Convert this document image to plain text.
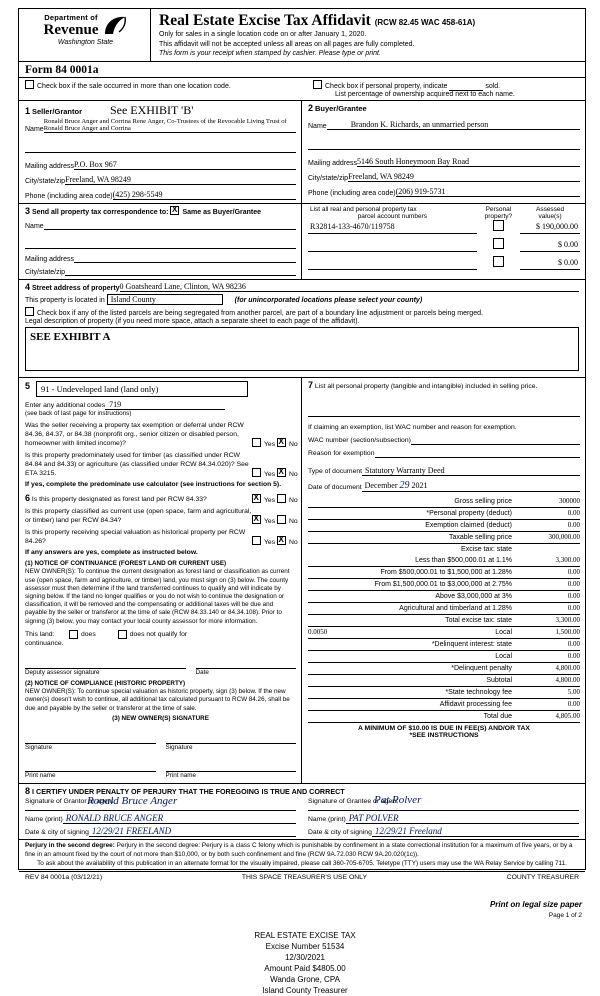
Department of
Revenue
Washington State
Real Estate Excise Tax Affidavit (RCW 82.45 WAC 458-61A)
Only for sales in a single location code on or after January 1, 2020.
This affidavit will not be accepted unless all areas on all pages are fully completed.
This form is your receipt when stamped by cashier. Please type or print.
Form 84 0001a
Check box if the sale occurred in more than one location code.	Check box if personal property, indicate	sold.
List percentage of ownership acquired next to each name.
1 Seller/Grantor See EXHIBIT 'B'
Name
Ronald Bruce Anger and Corrina Rene Anger, Co-Trustees of the Revocable Living Trust of Ronald Bruce Anger and Corrina
Mailing address P.O. Box 967
City/state/zip Freeland, WA 98249
Phone (including area code) (425) 298-5549
2 Buyer/Grantee
Name	Brandon K. Richards, an unmarried person
Mailing address 5146 South Honeymoon Bay Road
City/state/zip Freeland, WA 98249
Phone (including area code) (206) 919-5731
3 Send all property tax correspondence to: X Same as Buyer/Grantee
Name
Mailing address
City/state/zip
List all real and personal property tax
parcel account numbers

Personal
property?

Assessed
value(s)

R32814-133-4670/119758		$ 190,000.00
		$ 0.00
		$ 0.00
4 Street address of property 0 Goatsheard Lane, Clinton, WA 98236
This property is located in Island County	(for unincorporated locations please select your county)
Check box if any of the listed parcels are being segregated from another parcel, are part of a boundary line adjustment or parcels being merged.
Legal description of property (if you need more space, attach a separate sheet to each page of the affidavit).
SEE EXHIBIT A
5	91 - Undeveloped land (land only)
Enter any additional codes 719
(see back of last page for instructions)
Was the seller receiving a property tax exemption or deferral under RCW 84.36, 84.37, or 84.38 (nonprofit org., senior citizen or disabled person, homeowner with limited income)?	Yes X No
Is this property predominately used for timber (as classified under RCW 84.84 and 84.33) or agriculture (as classified under RCW 84.34.020)? See ETA 3215.	Yes X No
If yes, complete the predominate use calculator (see instructions for section 5).
6 Is this property designated as forest land per RCW 84.33? X	Yes No
Is this property classified as current use (open space, farm and agricultural, or timber) land per RCW 84.34? X	Yes No
Is this property receiving special valuation as historical property per RCW 84.26?	Yes X No
If any answers are yes, complete as instructed below.
(1) NOTICE OF CONTINUANCE (FOREST LAND OR CURRENT USE)
NEW OWNER(S): To continue the current designation as forest land or classification as current use (open space, farm and agriculture, or timber) land, you must sign on (3) below. The county assessor must then determine if the land transferred continues to qualify and will indicate by signing below. If the land no longer qualifies or you do not wish to continue the designation or classification, it will be removed and the compensating or additional taxes will be due and payable by the seller or transferor at the time of sale (RCW 84.33.140 or 84.34.108). Prior to signing (3) below, you may contact your local county assessor for more information.
This land:	does	does not qualify for
continuance.
Deputy assessor signature	Date
(2) NOTICE OF COMPLIANCE (HISTORIC PROPERTY)
NEW OWNER(S): To continue special valuation as historic property, sign (3) below. If the new owner(s) doesn't wish to continue, all additional tax calculated pursuant to RCW 84.26, shall be due and payable by the seller or transferor at the time of sale.
(3) NEW OWNER(S) SIGNATURE
Signature	Signature
Print name	Print name
7 List all personal property (tangible and intangible) included in selling price.
If claiming an exemption, list WAC number and reason for exemption.
WAC number (section/subsection)
Reason for exemption
Type of document Statutory Warranty Deed
Date of document December 29 2021
Gross selling price	300000
*Personal property (deduct)	0.00
Exemption claimed (deduct)	0.00
Taxable selling price	300,000.00
Excise tax: state
Less than $500,000.01 at 1.1%	3,300.00
From $500,000.01 to $1,500,000 at 1.28%	0.00
From $1,500,000.01 to $3,000,000 at 2.75%	0.00
Above $3,000,000 at 3%	0.00
Agricultural and timberland at 1.28%	0.00
Total excise tax: state	3,300.00
0.0050	Local	1,500.00
*Delinquent interest: state	0.00
Local	0.00
*Delinquent penalty	4,800.00
Subtotal	4,800.00
*State technology fee	5.00
Affidavit processing fee	0.00
Total due	4,805.00
A MINIMUM OF $10.00 IS DUE IN FEE(S) AND/OR TAX
*SEE INSTRUCTIONS
8 I CERTIFY UNDER PENALTY OF PERJURY THAT THE FOREGOING IS TRUE AND CORRECT
Signature of Grantor or agent
Ronald Bruce Anger
Name (print) RONALD BRUCE ANGER
Date & city of signing 12/29/21 FREELAND
Signature of Grantee or agent
Pat Polver
Name (print) PAT POLVER
Date & city of signing 12/29/21 Freeland
Perjury in the second degree: Perjury in the second degree: Perjury is a class C felony which is punishable by confinement in a state correctional institution for a maximum of five years, or by a fine in an amount fixed by the court of not more than $10,000, or by both such confinement and fine (RCW 9A.72.030 RCW 9A.20.020(1c)).
To ask about the availability of this publication in an alternate format for the visually impaired, please call 360-705-6705. Teletype (TTY) users may use the WA Relay Service by calling 711.
REV 84 0001a (03/12/21)	THIS SPACE TREASURER'S USE ONLY	COUNTY TREASURER
Print on legal size paper
Page 1 of 2
REAL ESTATE EXCISE TAX
Excise Number 51534
12/30/2021
Amount Paid $4805.00
Wanda Grone, CPA
Island County Treasurer
